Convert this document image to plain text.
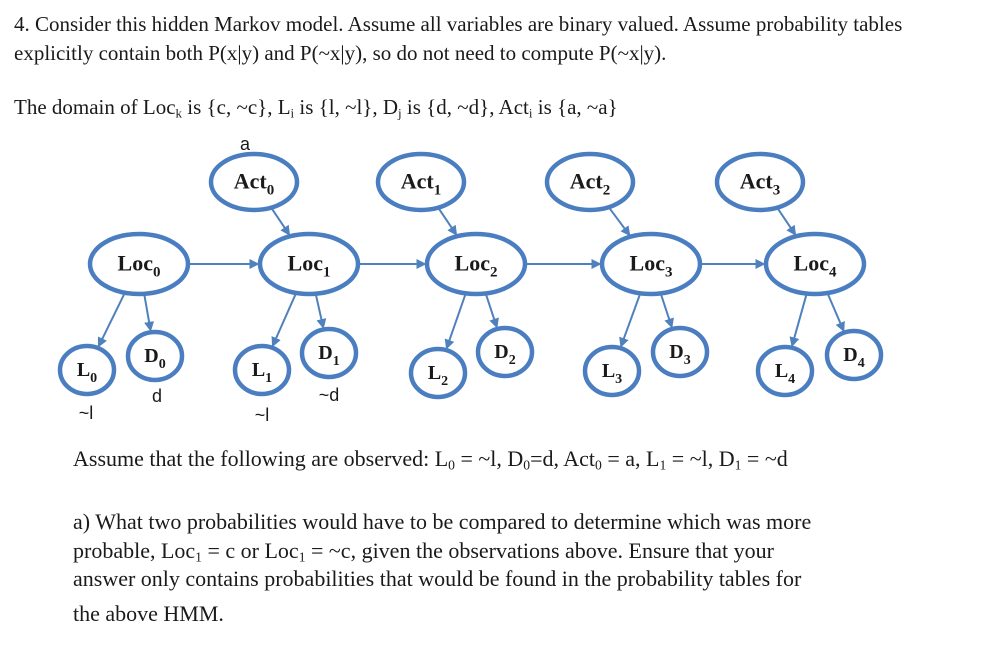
4. Consider this hidden Markov model. Assume all variables are binary valued. Assume probability tables
explicitly contain both P(x|y) and P(~x|y), so do not need to compute P(~x|y).
The domain of Loc$_k$ is {c, ~c}, $L_i$ is {l, ~l}, $D_j$ is {d, ~d}, Act$_i$ is {a, ~a}
Act$_0$	Act$_1$	Act$_2$	Act$_3$
Loc$_0$	Loc$_1$	Loc$_2$	Loc$_3$	Loc$_4$
$L_0$
$D_0$	$L_1$
$D_1$
$L_2$
$D_2$	$L_3$
$D_3$	$L_4$
$D_4$
a
~l
d
~l
~d
Assume that the following are observed: $L_0$ = ~l, $D_0=d$, Act$_0$ = a, $L_1$ = ~l, $D_1$ = ~d
a) What two probabilities would have to be compared to determine which was more
probable, Loc$_1$ = c or Loc$_1$ = ~c, given the observations above. Ensure that your
answer only contains probabilities that would be found in the probability tables for
the above HMM.
